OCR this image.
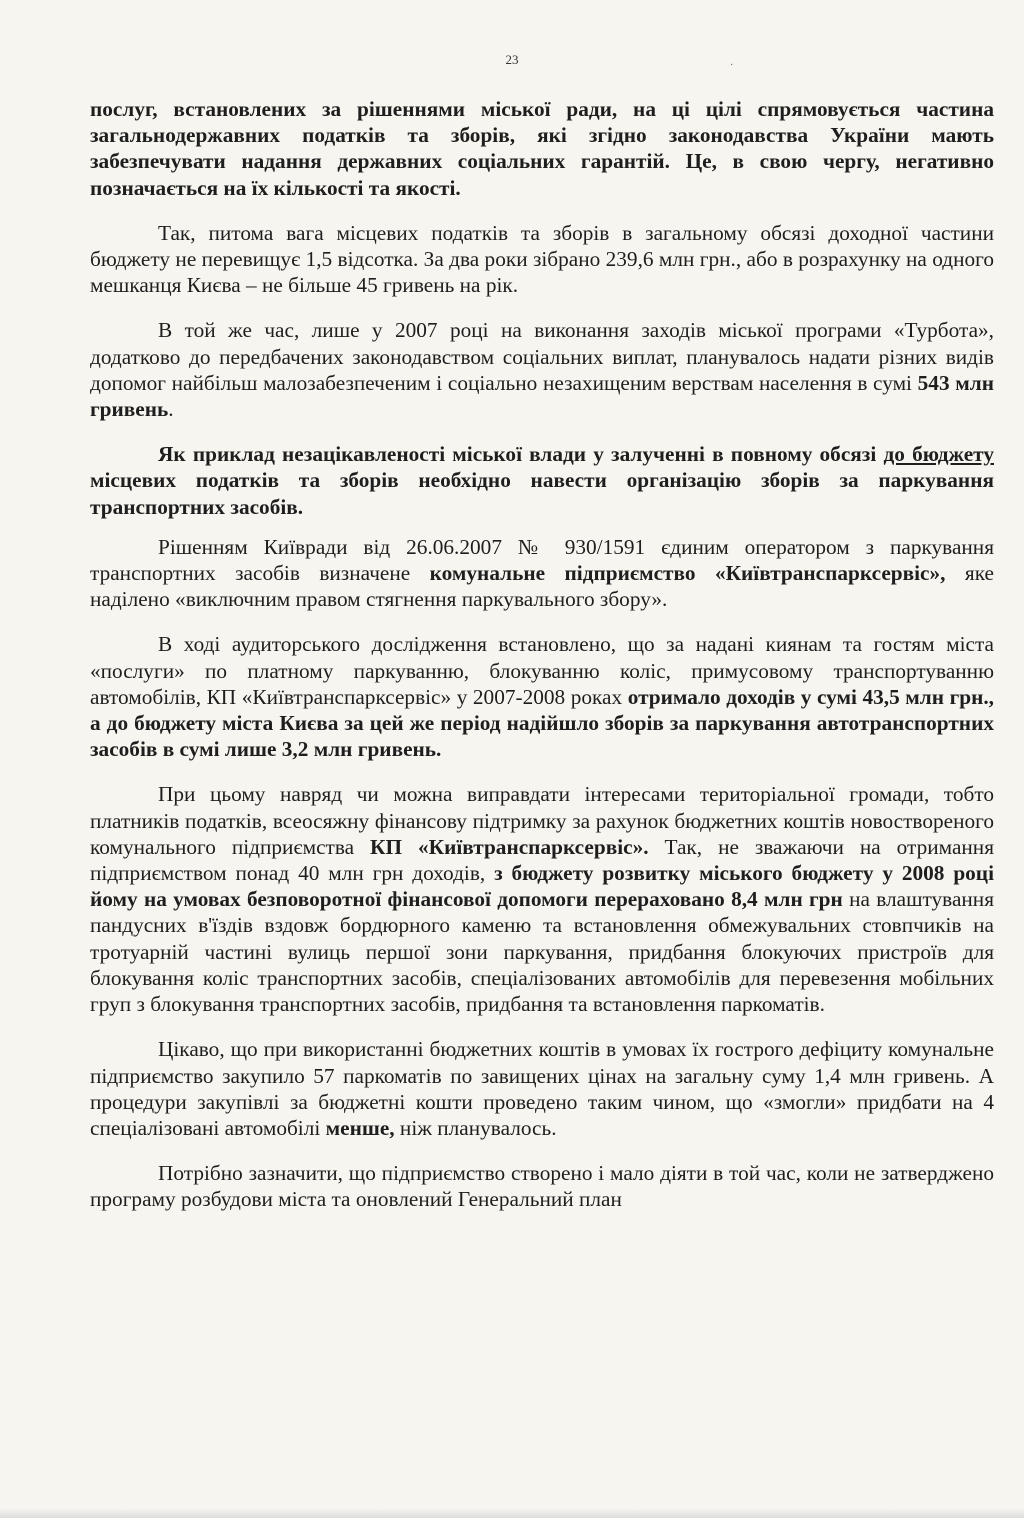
23	·

послуг, встановлених за рішеннями міської ради, на ці цілі спрямовується частина загальнодержавних податків та зборів, які згідно законодавства України мають забезпечувати надання державних соціальних гарантій. Це, в свою чергу, негативно позначається на їх кількості та якості.

Так, питома вага місцевих податків та зборів в загальному обсязі доходної частини бюджету не перевищує 1,5 відсотка. За два роки зібрано 239,6 млн грн., або в розрахунку на одного мешканця Києва – не більше 45 гривень на рік.

В той же час, лише у 2007 році на виконання заходів міської програми «Турбота», додатково до передбачених законодавством соціальних виплат, планувалось надати різних видів допомог найбільш малозабезпеченим і соціально незахищеним верствам населення в сумі 543 млн гривень.

Як приклад незацікавленості міської влади у залученні в повному обсязі до бюджету місцевих податків та зборів необхідно навести організацію зборів за паркування транспортних засобів.

Рішенням Київради від 26.06.2007 № 930/1591 єдиним оператором з паркування транспортних засобів визначене комунальне підприємство «Київтранспарксервіс», яке наділено «виключним правом стягнення паркувального збору».

В ході аудиторського дослідження встановлено, що за надані киянам та гостям міста «послуги» по платному паркуванню, блокуванню коліс, примусовому транспортуванню автомобілів, КП «Київтранспарксервіс» у 2007-2008 роках отримало доходів у сумі 43,5 млн грн., а до бюджету міста Києва за цей же період надійшло зборів за паркування автотранспортних засобів в сумі лише 3,2 млн гривень.

При цьому навряд чи можна виправдати інтересами територіальної громади, тобто платників податків, всеосяжну фінансову підтримку за рахунок бюджетних коштів новоствореного комунального підприємства КП «Київтранспарксервіс». Так, не зважаючи на отримання підприємством понад 40 млн грн доходів, з бюджету розвитку міського бюджету у 2008 році йому на умовах безповоротної фінансової допомоги перераховано 8,4 млн грн на влаштування пандусних в'їздів вздовж бордюрного каменю та встановлення обмежувальних стовпчиків на тротуарній частині вулиць першої зони паркування, придбання блокуючих пристроїв для блокування коліс транспортних засобів, спеціалізованих автомобілів для перевезення мобільних груп з блокування транспортних засобів, придбання та встановлення паркоматів.

Цікаво, що при використанні бюджетних коштів в умовах їх гострого дефіциту комунальне підприємство закупило 57 паркоматів по завищених цінах на загальну суму 1,4 млн гривень. А процедури закупівлі за бюджетні кошти проведено таким чином, що «змогли» придбати на 4 спеціалізовані автомобілі менше, ніж планувалось.

Потрібно зазначити, що підприємство створено і мало діяти в той час, коли не затверджено програму розбудови міста та оновлений Генеральний план
